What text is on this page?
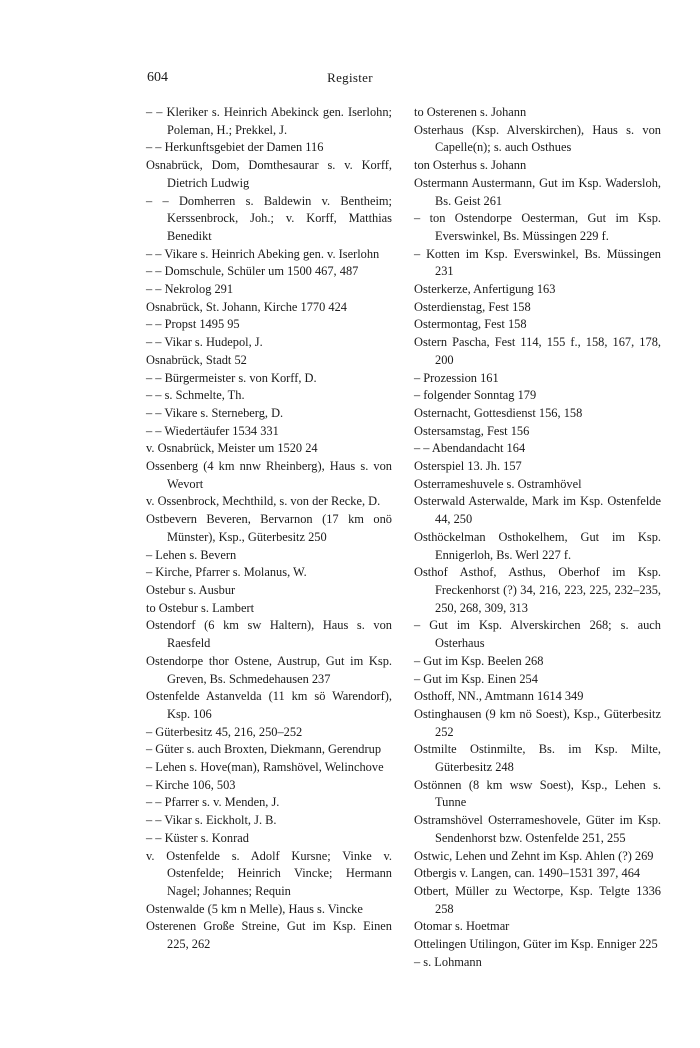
604	Register

– – Kleriker s. Heinrich Abekinck gen. Iserlohn; Poleman, H.; Prekkel, J.

– – Herkunftsgebiet der Damen 116

Osnabrück, Dom, Domthesaurar s. v. Korff, Dietrich Ludwig

– – Domherren s. Baldewin v. Bentheim; Kerssenbrock, Joh.; v. Korff, Matthias Benedikt

– – Vikare s. Heinrich Abeking gen. v. Iserlohn

– – Domschule, Schüler um 1500 467, 487

– – Nekrolog 291

Osnabrück, St. Johann, Kirche 1770 424

– – Propst 1495 95

– – Vikar s. Hudepol, J.

Osnabrück, Stadt 52

– – Bürgermeister s. von Korff, D.

– – s. Schmelte, Th.

– – Vikare s. Sterneberg, D.

– – Wiedertäufer 1534 331

v. Osnabrück, Meister um 1520 24

Ossenberg (4 km nnw Rheinberg), Haus s. von Wevort

v. Ossenbrock, Mechthild, s. von der Recke, D.

Ostbevern Beveren, Bervarnon (17 km onö Münster), Ksp., Güterbesitz 250

– Lehen s. Bevern

– Kirche, Pfarrer s. Molanus, W.

Ostebur s. Ausbur

to Ostebur s. Lambert

Ostendorf (6 km sw Haltern), Haus s. von Raesfeld

Ostendorpe thor Ostene, Austrup, Gut im Ksp. Greven, Bs. Schmedehausen 237

Ostenfelde Astanvelda (11 km sö Warendorf), Ksp. 106

– Güterbesitz 45, 216, 250–252

– Güter s. auch Broxten, Diekmann, Gerendrup

– Lehen s. Hove(man), Ramshövel, Welinchove

– Kirche 106, 503

– – Pfarrer s. v. Menden, J.

– – Vikar s. Eickholt, J. B.

– – Küster s. Konrad

v. Ostenfelde s. Adolf Kursne; Vinke v. Ostenfelde; Heinrich Vincke; Hermann Nagel; Johannes; Requin

Ostenwalde (5 km n Melle), Haus s. Vincke

Osterenen Große Streine, Gut im Ksp. Einen 225, 262

to Osterenen s. Johann

Osterhaus (Ksp. Alverskirchen), Haus s. von Capelle(n); s. auch Osthues

ton Osterhus s. Johann

Ostermann Austermann, Gut im Ksp. Wadersloh, Bs. Geist 261

– ton Ostendorpe Oesterman, Gut im Ksp. Everswinkel, Bs. Müssingen 229 f.

– Kotten im Ksp. Everswinkel, Bs. Müssingen 231

Osterkerze, Anfertigung 163

Osterdienstag, Fest 158

Ostermontag, Fest 158

Ostern Pascha, Fest 114, 155 f., 158, 167, 178, 200

– Prozession 161

– folgender Sonntag 179

Osternacht, Gottesdienst 156, 158

Ostersamstag, Fest 156

– – Abendandacht 164

Osterspiel 13. Jh. 157

Osterrameshuvele s. Ostramhövel

Osterwald Asterwalde, Mark im Ksp. Ostenfelde 44, 250

Osthöckelman Osthokelhem, Gut im Ksp. Ennigerloh, Bs. Werl 227 f.

Osthof Asthof, Asthus, Oberhof im Ksp. Freckenhorst (?) 34, 216, 223, 225, 232–235, 250, 268, 309, 313

– Gut im Ksp. Alverskirchen 268; s. auch Osterhaus

– Gut im Ksp. Beelen 268

– Gut im Ksp. Einen 254

Osthoff, NN., Amtmann 1614 349

Ostinghausen (9 km nö Soest), Ksp., Güterbesitz 252

Ostmilte Ostinmilte, Bs. im Ksp. Milte, Güterbesitz 248

Ostönnen (8 km wsw Soest), Ksp., Lehen s. Tunne

Ostramshövel Osterrameshovele, Güter im Ksp. Sendenhorst bzw. Ostenfelde 251, 255

Ostwic, Lehen und Zehnt im Ksp. Ahlen (?) 269

Otbergis v. Langen, can. 1490–1531 397, 464

Otbert, Müller zu Wectorpe, Ksp. Telgte 1336 258

Otomar s. Hoetmar

Ottelingen Utilingon, Güter im Ksp. Enniger 225

– s. Lohmann
